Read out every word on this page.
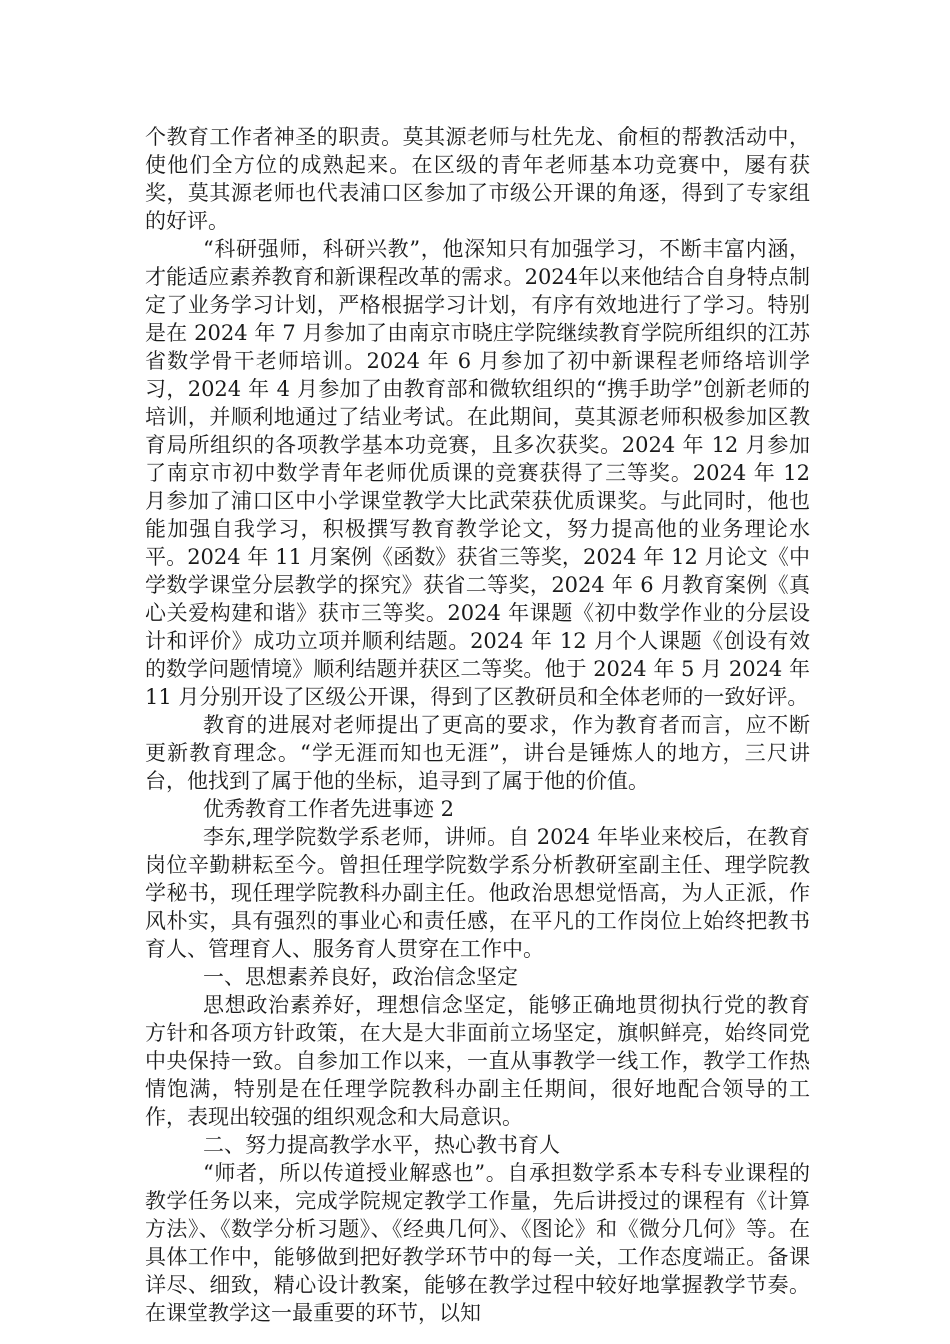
个教育工作者神圣的职责。莫其源老师与杜先龙、俞桓的帮教活动中，使他们全方位的成熟起来。在区级的青年老师基本功竞赛中，屡有获奖，莫其源老师也代表浦口区参加了市级公开课的角逐，得到了专家组的好评。

“科研强师，科研兴教”，他深知只有加强学习，不断丰富内涵，才能适应素养教育和新课程改革的需求。2024年以来他结合自身特点制定了业务学习计划，严格根据学习计划，有序有效地进行了学习。特别是在 2024 年 7 月参加了由南京市晓庄学院继续教育学院所组织的江苏省数学骨干老师培训。2024 年 6 月参加了初中新课程老师络培训学习，2024 年 4 月参加了由教育部和微软组织的“携手助学”创新老师的培训，并顺利地通过了结业考试。在此期间，莫其源老师积极参加区教育局所组织的各项教学基本功竞赛，且多次获奖。2024 年 12 月参加了南京市初中数学青年老师优质课的竞赛获得了三等奖。2024 年 12 月参加了浦口区中小学课堂教学大比武荣获优质课奖。与此同时，他也能加强自我学习，积极撰写教育教学论文，努力提高他的业务理论水平。2024 年 11 月案例《函数》获省三等奖，2024 年 12 月论文《中学数学课堂分层教学的探究》获省二等奖，2024 年 6 月教育案例《真心关爱构建和谐》获市三等奖。2024 年课题《初中数学作业的分层设计和评价》成功立项并顺利结题。2024 年 12 月个人课题《创设有效的数学问题情境》顺利结题并获区二等奖。他于 2024 年 5 月 2024 年 11 月分别开设了区级公开课，得到了区教研员和全体老师的一致好评。

教育的进展对老师提出了更高的要求，作为教育者而言，应不断更新教育理念。“学无涯而知也无涯”，讲台是锤炼人的地方，三尺讲台，他找到了属于他的坐标，追寻到了属于他的价值。

优秀教育工作者先进事迹 2

李东,理学院数学系老师，讲师。自 2024 年毕业来校后，在教育岗位辛勤耕耘至今。曾担任理学院数学系分析教研室副主任、理学院教学秘书，现任理学院教科办副主任。他政治思想觉悟高，为人正派，作风朴实，具有强烈的事业心和责任感，在平凡的工作岗位上始终把教书育人、管理育人、服务育人贯穿在工作中。

一、思想素养良好，政治信念坚定

思想政治素养好，理想信念坚定，能够正确地贯彻执行党的教育方针和各项方针政策，在大是大非面前立场坚定，旗帜鲜亮，始终同党中央保持一致。自参加工作以来，一直从事教学一线工作，教学工作热情饱满，特别是在任理学院教科办副主任期间，很好地配合领导的工作，表现出较强的组织观念和大局意识。

二、努力提高教学水平，热心教书育人

“师者，所以传道授业解惑也”。自承担数学系本专科专业课程的教学任务以来，完成学院规定教学工作量，先后讲授过的课程有《计算方法》、《数学分析习题》、《经典几何》、《图论》和《微分几何》等。在具体工作中，能够做到把好教学环节中的每一关，工作态度端正。备课详尽、细致，精心设计教案，能够在教学过程中较好地掌握教学节奏。在课堂教学这一最重要的环节，以知
